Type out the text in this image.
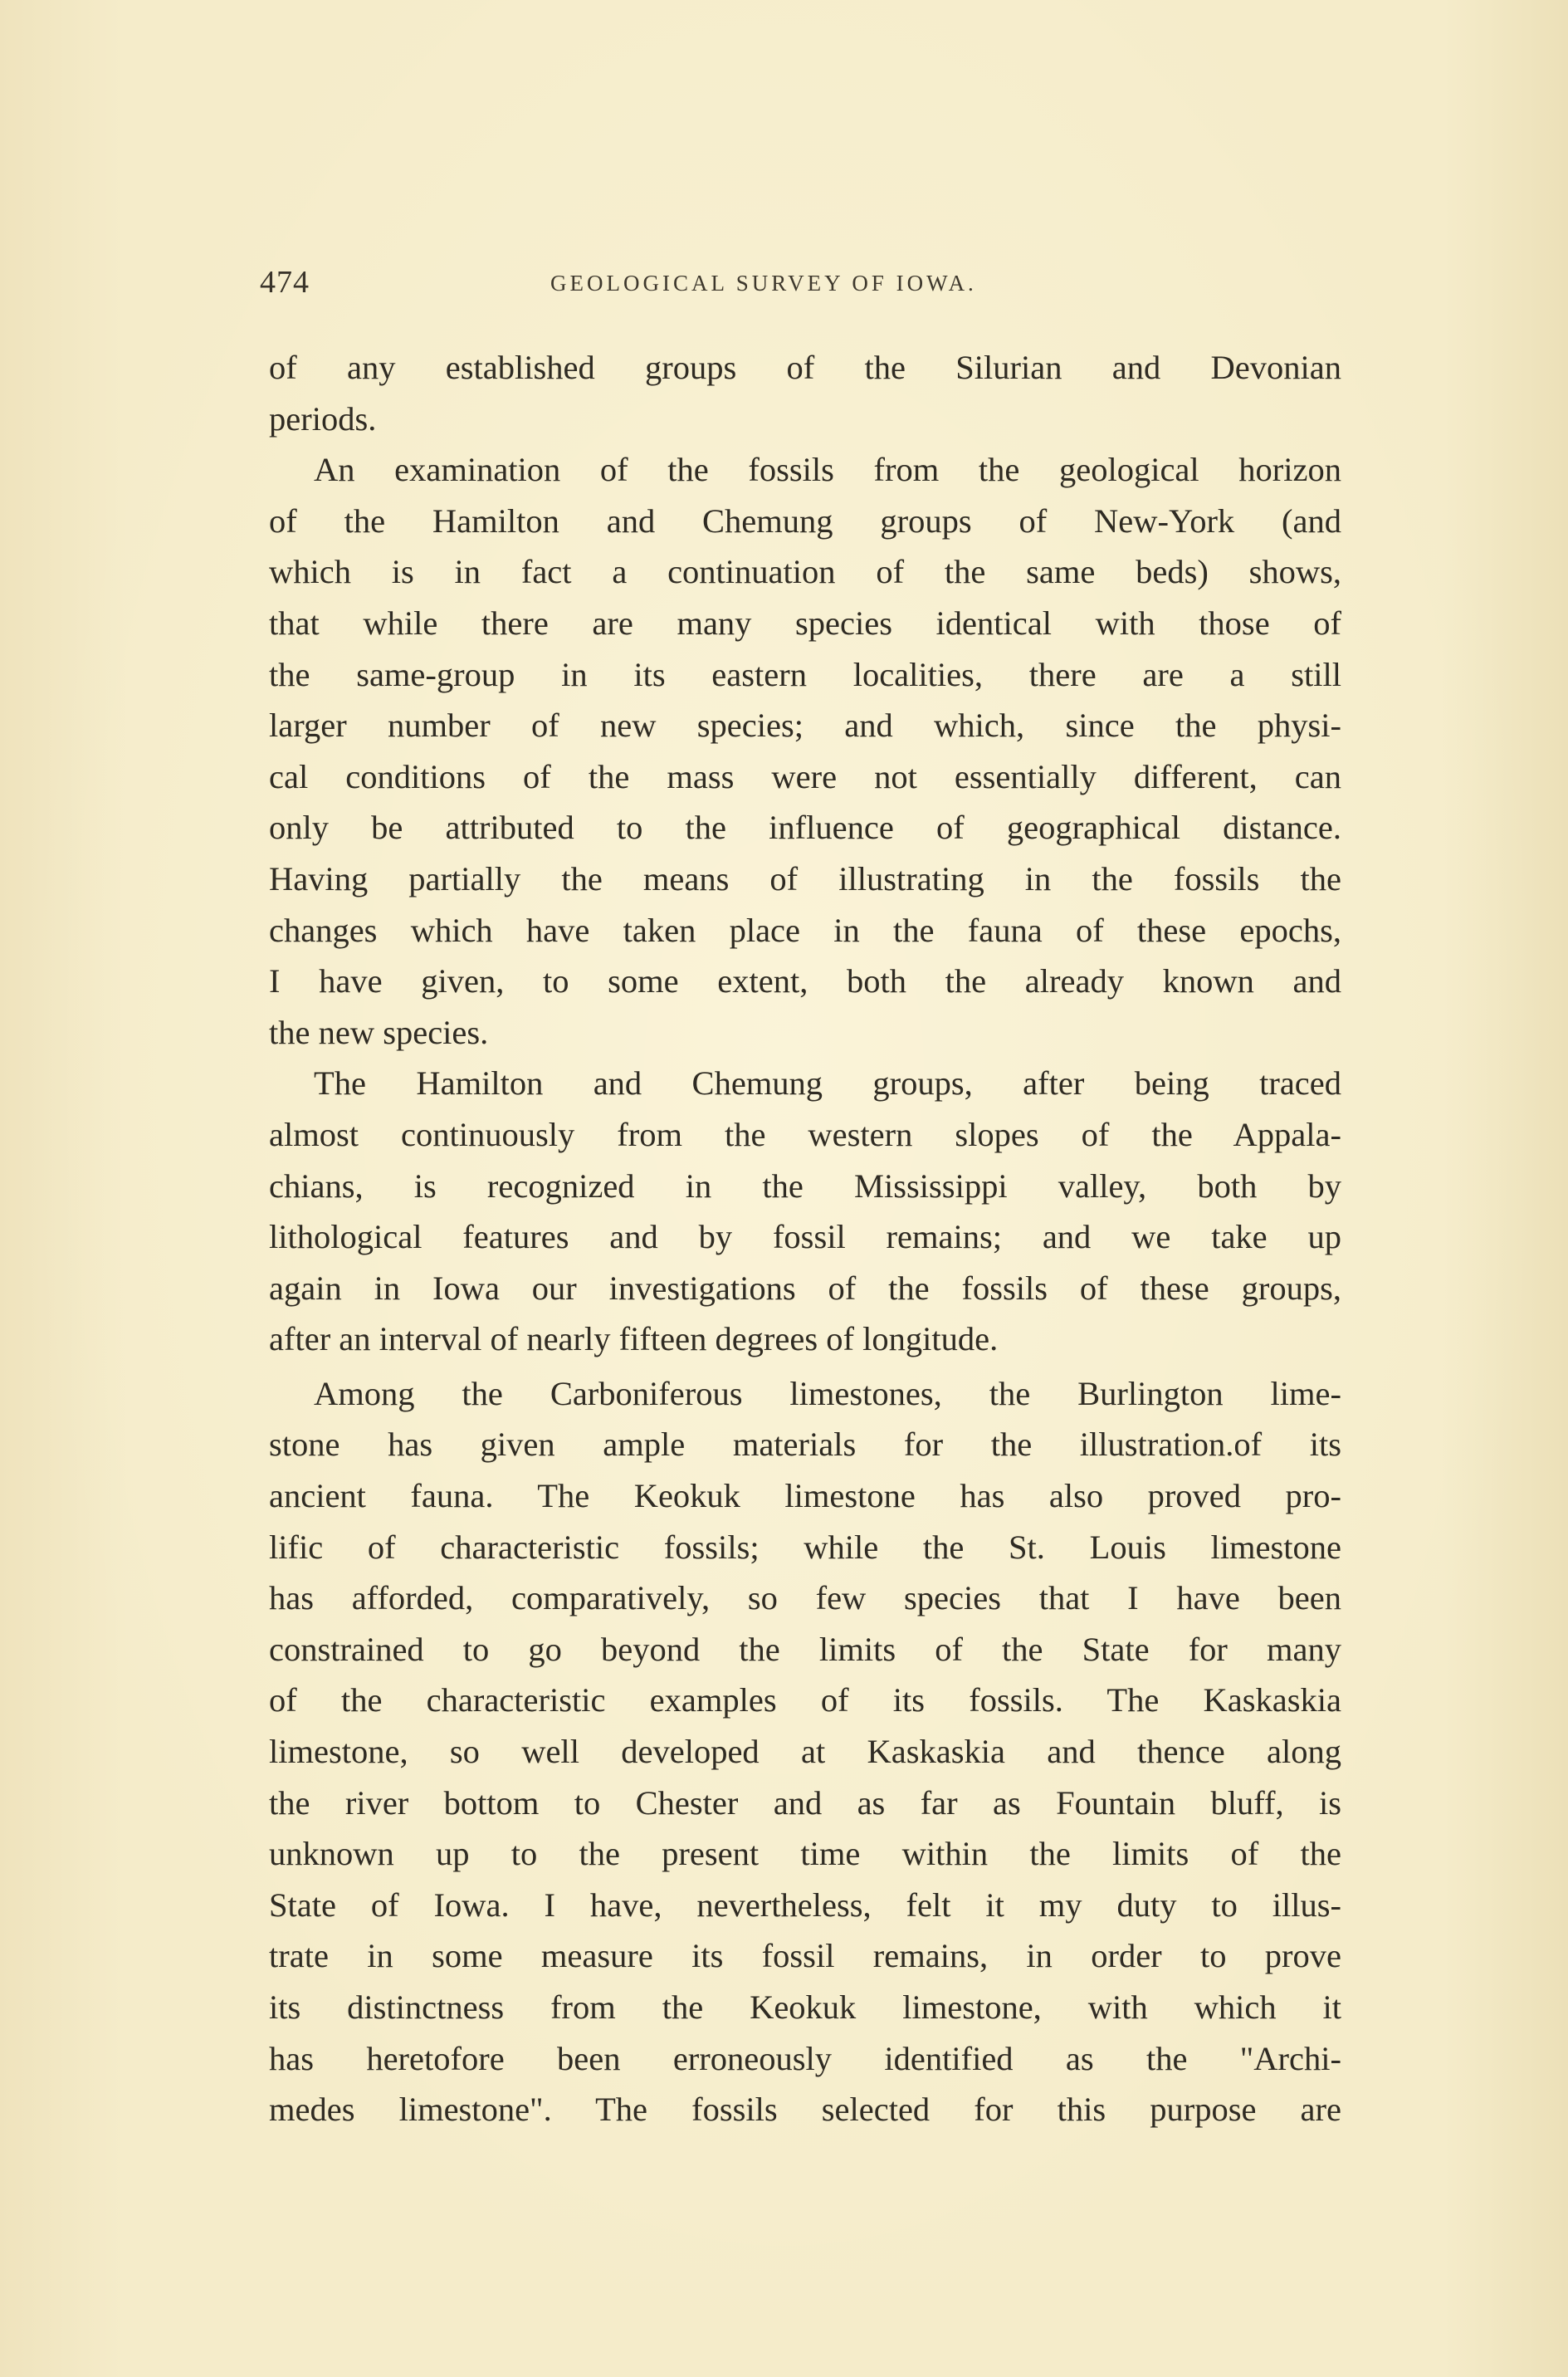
474	GEOLOGICAL SURVEY OF IOWA.

of any established groups of the Silurian and Devonian
periods.

An examination of the fossils from the geological horizon
of the Hamilton and Chemung groups of New-York (and
which is in fact a continuation of the same beds) shows,
that while there are many species identical with those of
the same-group in its eastern localities, there are a still
larger number of new species; and which, since the physi-
cal conditions of the mass were not essentially different, can
only be attributed to the influence of geographical distance.
Having partially the means of illustrating in the fossils the
changes which have taken place in the fauna of these epochs,
I have given, to some extent, both the already known and
the new species.

The Hamilton and Chemung groups, after being traced
almost continuously from the western slopes of the Appala-
chians, is recognized in the Mississippi valley, both by
lithological features and by fossil remains; and we take up
again in Iowa our investigations of the fossils of these groups,
after an interval of nearly fifteen degrees of longitude.

Among the Carboniferous limestones, the Burlington lime-
stone has given ample materials for the illustration.of its
ancient fauna. The Keokuk limestone has also proved pro-
lific of characteristic fossils; while the St. Louis limestone
has afforded, comparatively, so few species that I have been
constrained to go beyond the limits of the State for many
of the characteristic examples of its fossils. The Kaskaskia
limestone, so well developed at Kaskaskia and thence along
the river bottom to Chester and as far as Fountain bluff, is
unknown up to the present time within the limits of the
State of Iowa. I have, nevertheless, felt it my duty to illus-
trate in some measure its fossil remains, in order to prove
its distinctness from the Keokuk limestone, with which it
has heretofore been erroneously identified as the "Archi-
medes limestone". The fossils selected for this purpose are
